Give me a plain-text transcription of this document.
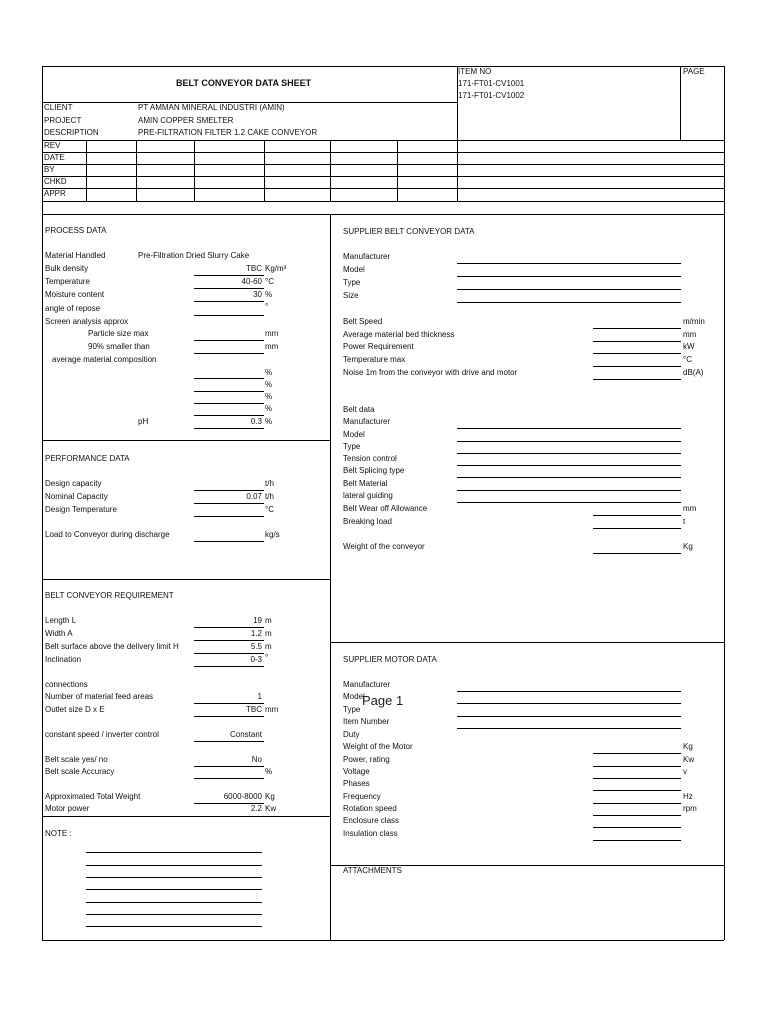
BELT CONVEYOR DATA SHEET
ITEM NO
171-FT01-CV1001
171-FT01-CV1002
PAGE
CLIENT	PT AMMAN MINERAL INDUSTRI (AMIN)
PROJECT	AMIN COPPER SMELTER
DESCRIPTION	PRE-FILTRATION FILTER 1.2 CAKE CONVEYOR
REV
DATE
BY
CHKD
APPR
PROCESS DATA
Material Handled	Pre-Filtration Dried Slurry Cake
Bulk density	TBC Kg/m³
Temperature	40-60 °C
Moisture content	30 %
angle of repose	°
Screen analysis approx
Particle size max	mm
90% smaller than	mm
average material composition
%
%
%
%
pH	0.3 %
PERFORMANCE DATA
Design capacity	t/h
Nominal Capacity	0.07 t/h
Design Temperature	°C
Load to Conveyor during discharge	kg/s
BELT CONVEYOR REQUIREMENT
Length L	19 m
Width A	1.2 m
Belt surface above the delivery limit H	5.5 m
Inclination	0-3 °
connections
Number of material feed areas	1
Outlet size D x E	TBC mm
constant speed / inverter control	Constant
Belt scale yes/ no	No
Belt scale Accuracy	%
Approximated Total Weight	6000-8000 Kg
Motor power	2.2 Kw
NOTE :
SUPPLIER BELT CONVEYOR DATA
Manufacturer
Model
Type
Size
Belt Speed	m/min
Average material bed thickness	mm
Power Requirement	kW
Temperature max	°C
Noise 1m from the conveyor with drive and motor	dB(A)
Belt data
Manufacturer
Model
Type
Tension control
Belt Splicing type
Belt Material
lateral guiding
Belt Wear off Allowance	mm
Breaking load	t
Weight of the conveyor	Kg
SUPPLIER MOTOR DATA
Manufacturer
Model
Type
Item Number
Duty
Weight of the Motor	Kg
Power, rating	Kw
Voltage	v
Phases
Frequency	Hz
Rotation speed	rpm
Enclosure class
Insulation class
ATTACHMENTS
Page 1
